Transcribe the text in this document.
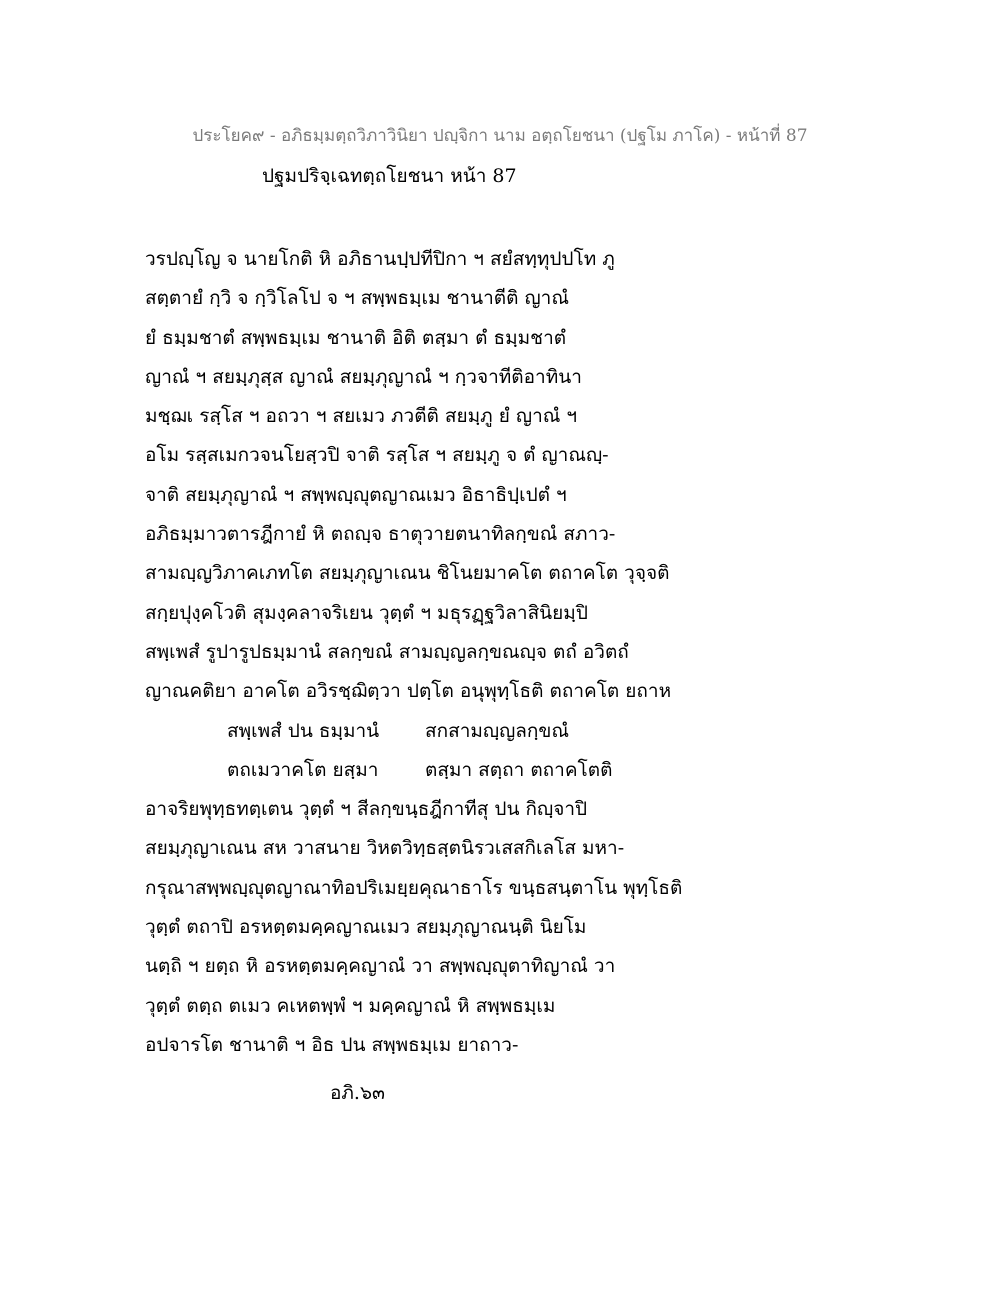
ประโยค๙ - อภิธมฺมตฺถวิภาวินิยา ปญฺจิกา นาม อตฺถโยชนา (ปฐโม ภาโค) - หน้าที่ 87
ปฐมปริจฺเฉทตฺถโยชนา หน้า 87
วรปญฺโญ จ นายโกติ หิ อภิธานปฺปทีปิกา ฯ สยํสทฺทุปปโท ภู
สตฺตายํ กฺวิ จ กฺวิโลโป จ ฯ สพฺพธมฺเม ชานาตีติ ญาณํ
ยํ ธมฺมชาตํ สพฺพธมฺเม ชานาติ อิติ ตสฺมา ตํ ธมฺมชาตํ
ญาณํ ฯ สยมฺภุสฺส ญาณํ สยมฺภุญาณํ ฯ กฺวจาทีติอาทินา
มชฺฌเ รสฺโส ฯ อถวา ฯ สยเมว ภวตีติ สยมฺภู ยํ ญาณํ ฯ
อโม รสฺสเมกวจนโยสฺวปิ จาติ รสฺโส ฯ สยมฺภู จ ตํ ญาณญฺ-
จาติ สยมฺภุญาณํ ฯ สพฺพญฺญุตญาณเมว อิธาธิปฺเปตํ ฯ
อภิธมฺมาวตารฎีกายํ หิ ตถญฺจ ธาตุวายตนาทิลกฺขณํ สภาว-
สามญฺญวิภาคเภทโต สยมฺภุญาเณน ชิโนยมาคโต ตถาคโต วุจฺจติ
สกฺยปุงฺคโวติ สุมงฺคลาจริเยน วุตฺตํ ฯ มธุรฏฺฐวิลาสินิยมฺปิ
สพฺเพสํ รูปารูปธมฺมานํ สลกฺขณํ สามญฺญลกฺขณญฺจ ตถํ อวิตถํ
ญาณคติยา อาคโต อวิรชฺฌิตฺวา ปตฺโต อนุพุทฺโธติ ตถาคโต ยถาห
สพฺเพสํ ปน ธมฺมานํ สกสามญฺญลกฺขณํ
ตถเมวาคโต ยสฺมา ตสฺมา สตฺถา ตถาคโตติ
อาจริยพุทฺธทตฺเตน วุตฺตํ ฯ สีลกฺขนฺธฎีกาทีสุ ปน กิญฺจาปิ
สยมฺภุญาเณน สห วาสนาย วิหตวิทฺธสฺตนิรวเสสกิเลโส มหา-
กรุณาสพฺพญฺญุตญาณาทิอปริเมยฺยคุณาธาโร ขนฺธสนฺตาโน พุทฺโธติ
วุตฺตํ ตถาปิ อรหตฺตมคฺคญาณเมว สยมฺภุญาณนฺติ นิยโม
นตฺถิ ฯ ยตฺถ หิ อรหตฺตมคฺคญาณํ วา สพฺพญฺญุตาทิญาณํ วา
วุตฺตํ ตตฺถ ตเมว คเหตพฺพํ ฯ มคฺคญาณํ หิ สพฺพธมฺเม
อปจารโต ชานาติ ฯ อิธ ปน สพฺพธมฺเม ยาถาว-
อภิ.๖๓
